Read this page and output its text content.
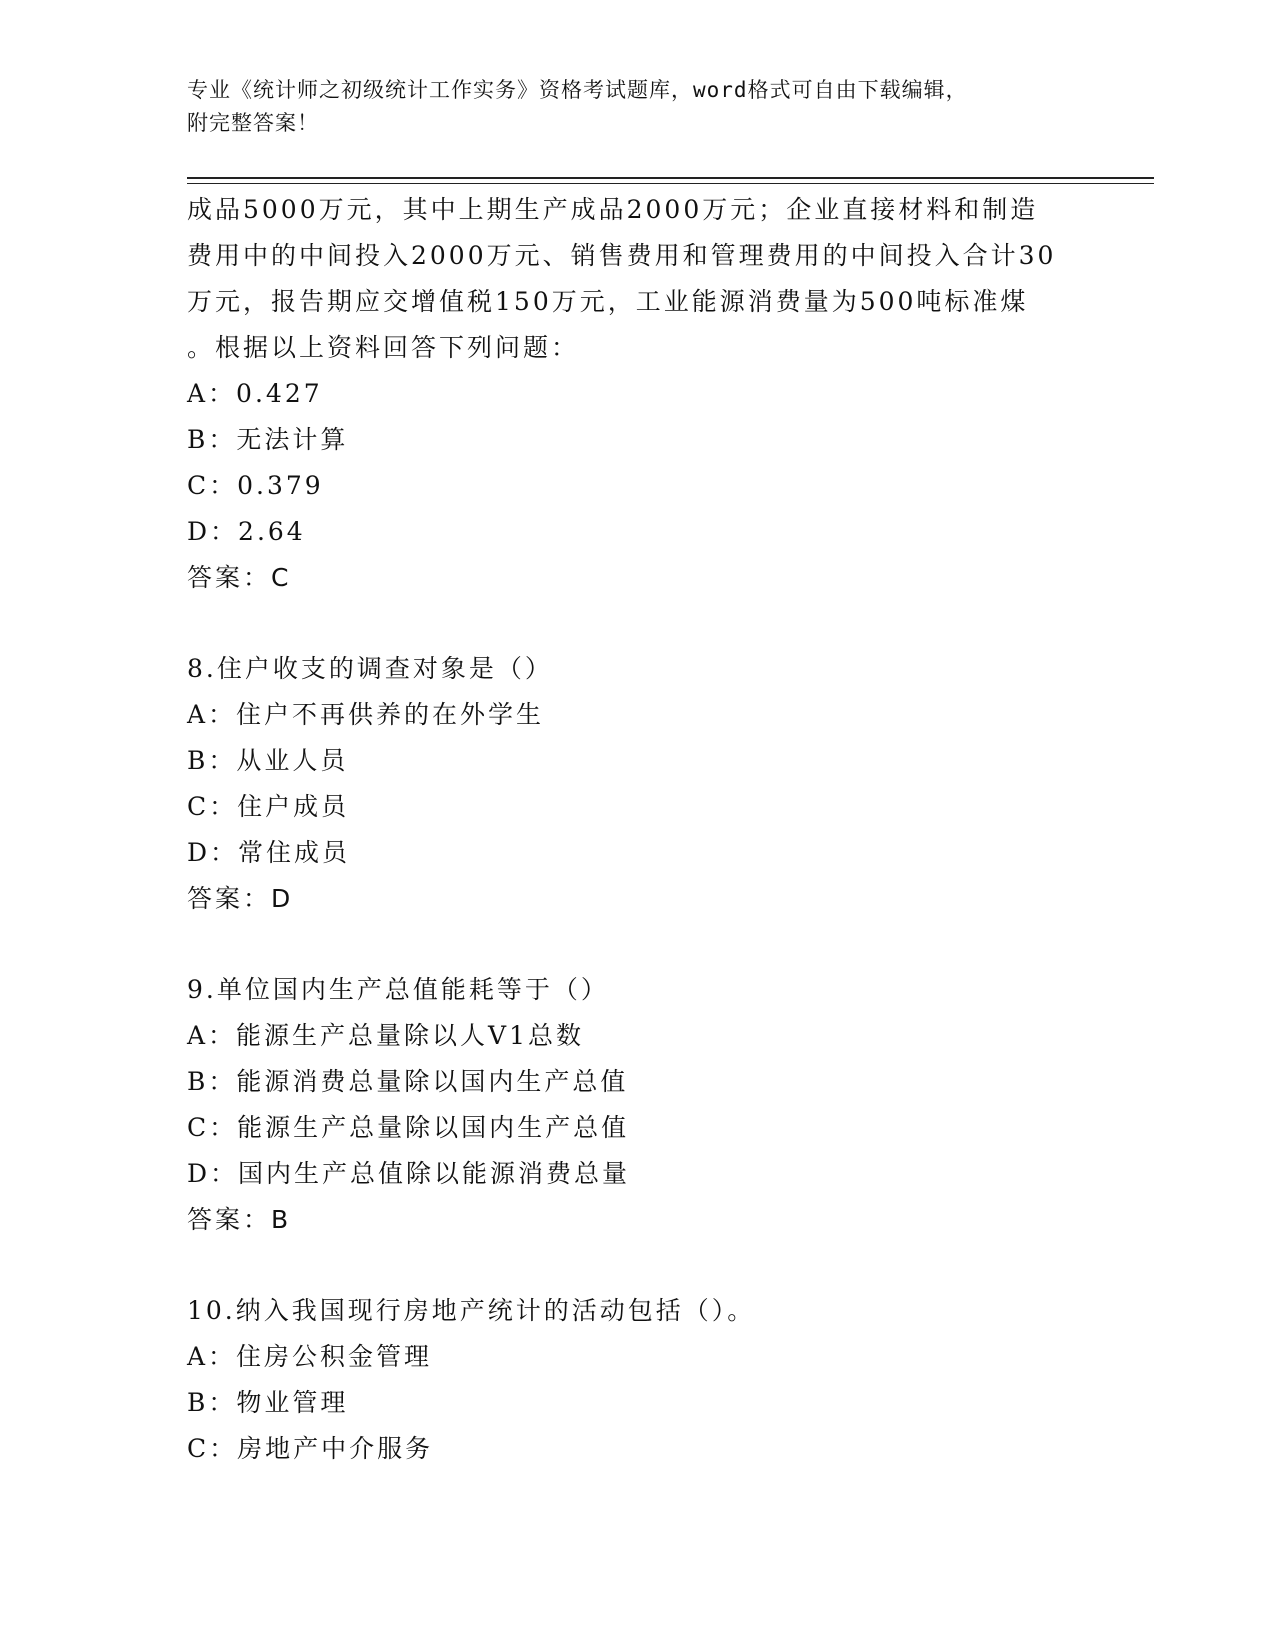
专业《统计师之初级统计工作实务》资格考试题库，word格式可自由下载编辑，
附完整答案！
成品5000万元，其中上期生产成品2000万元；企业直接材料和制造
费用中的中间投入2000万元、销售费用和管理费用的中间投入合计30
万元，报告期应交增值税150万元，工业能源消费量为500吨标准煤
。根据以上资料回答下列问题：
A：0.427
B：无法计算
C：0.379
D：2.64
答案：C
8.住户收支的调查对象是（）
A：住户不再供养的在外学生
B：从业人员
C：住户成员
D：常住成员
答案：D
9.单位国内生产总值能耗等于（）
A：能源生产总量除以人V1总数
B：能源消费总量除以国内生产总值
C：能源生产总量除以国内生产总值
D：国内生产总值除以能源消费总量
答案：B
10.纳入我国现行房地产统计的活动包括（）。
A：住房公积金管理
B：物业管理
C：房地产中介服务
